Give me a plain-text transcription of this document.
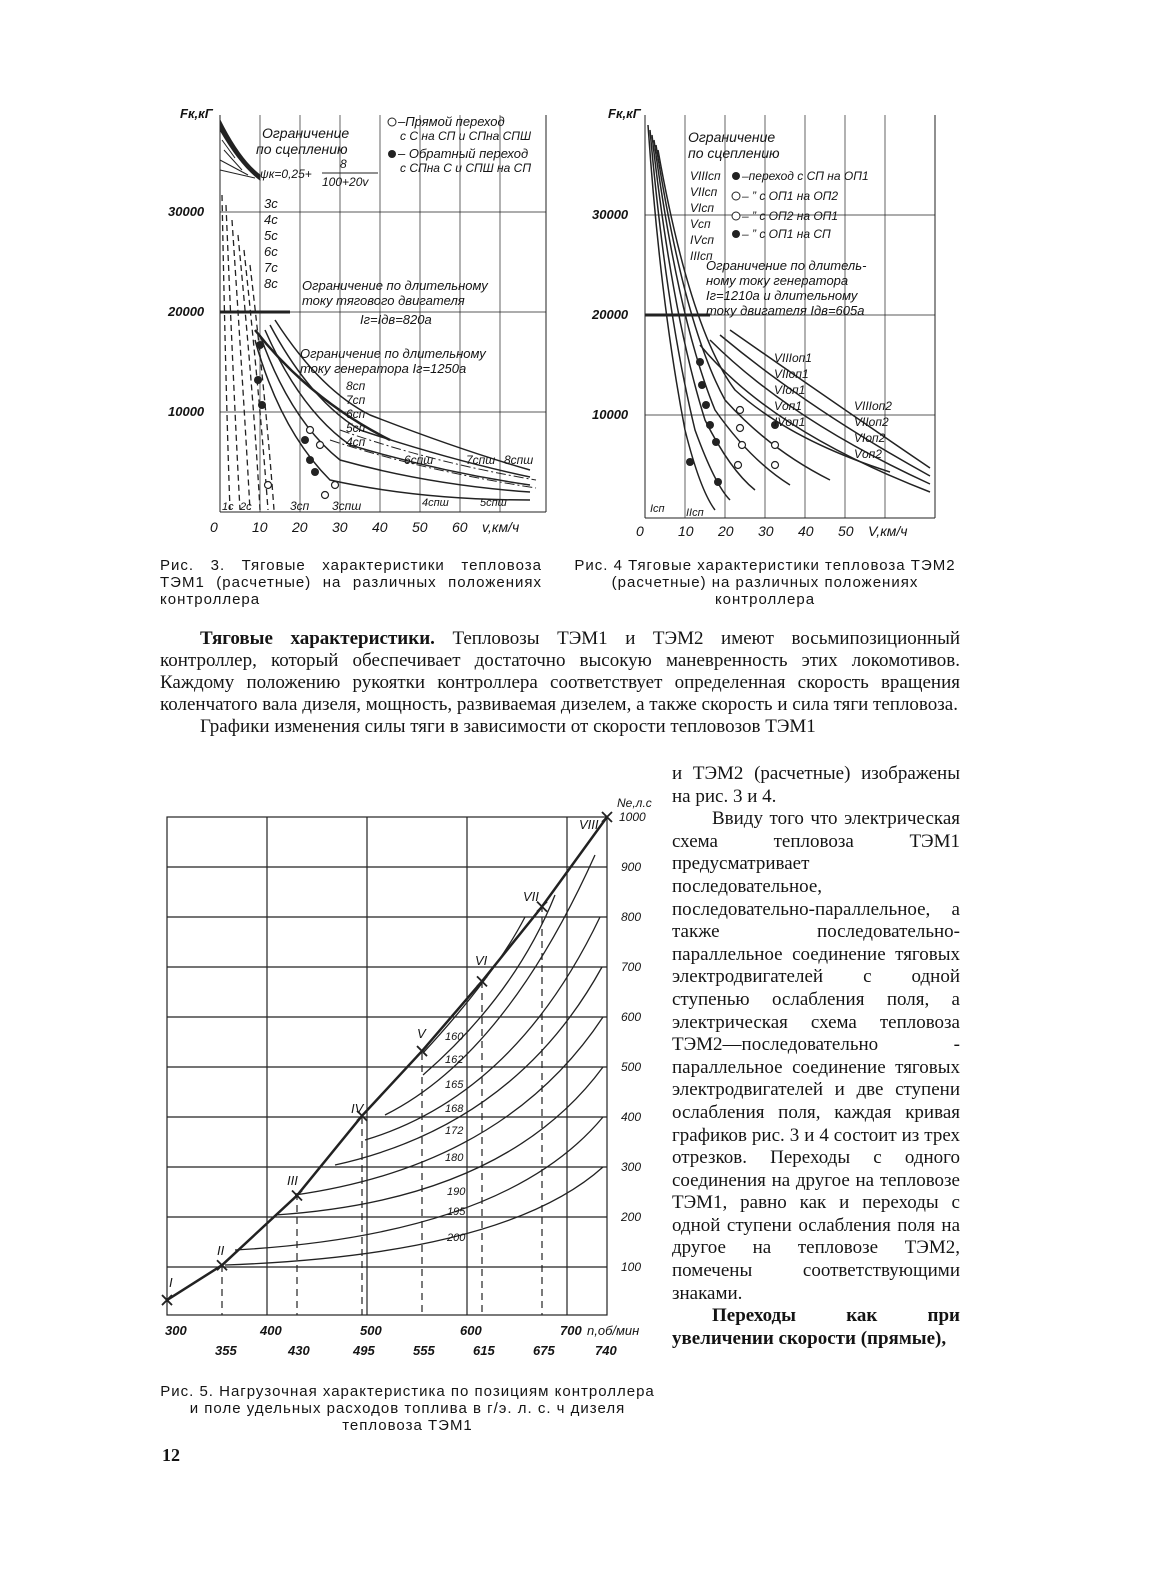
Fк,кГ
30000
20000
10000
0 10 20 30 40 50 60 v,км/ч
Ограничение
по сцеплению
ψк=0,25+
8
100+20v
–Прямой переход
с С на СП и СПна СПШ
– Обратный переход
с СПна С и СПШ на СП
3с
4с
5с
6с
7с
8с Ограничение по длительному
току тягового двигателя
Iг=Iдв=820а
Ограничение по длительному
току генератора Iг=1250а
8сп
7сп
6сп
5сп
4сп
6спш	7спш 8спш
1с 2с	3сп 3спш	4спш	5спш
Fк,кГ
30000
20000
10000
0 10 20 30 40 50 V,км/ч
Ограничение
по сцеплению
VIIIсп
VIIсп
VIсп
Vсп
IVсп
IIIсп
–переход с СП на ОП1
– ” с ОП1 на ОП2
– ” с ОП2 на ОП1
– ” с ОП1 на СП
Ограничение по длитель-
ному току генератора
Iг=1210а и длительному
току двигателя Iдв=605а
VIIIоп1
VIIоп1
VIоп1
Vоп1
IVоп1
VIIIоп2
VIIоп2
VIоп2
Vоп2
Iсп IIсп
Рис. 3. Тяговые характеристики тепловоза ТЭМ1 (расчетные) на различных положениях контроллера
Рис. 4 Тяговые характеристики тепловоза ТЭМ2 (расчетные) на различных положениях контроллера

Тяговые характеристики. Тепловозы ТЭМ1 и ТЭМ2 имеют восьмипозиционный контроллер, который обеспечивает достаточно высокую маневренность этих локомотивов. Каждому положению рукоятки контроллера соответствует определенная скорость вращения коленчатого вала дизеля, мощность, развиваемая дизелем, а также скорость и сила тяги тепловоза.

Графики изменения силы тяги в зависимости от скорости тепловозов ТЭМ1

I
II
III
IV
V
VI
VII
VIII
160
162
165
168
172
180
190
195
200
Ne,л.с
1000
900
800
700
600
500
400
300
200
100
300	400	500	600	700 n,об/мин
355	430	495	555	615	675	740
Рис. 5. Нагрузочная характеристика по позициям контроллера и поле удельных расходов топлива в г/э. л. с. ч дизеля тепловоза ТЭМ1

и ТЭМ2 (расчетные) изображены на рис. 3 и 4.

Ввиду того что электрическая схема тепловоза ТЭМ1 предусматривает последовательное, последовательно-параллельное, а также последовательно-параллельное соединение тяговых электродвигателей с одной ступенью ослабления поля, а электрическая схема тепловоза ТЭМ2—последовательно - параллельное соединение тяговых электродвигателей и две ступени ослабления поля, каждая кривая графиков рис. 3 и 4 состоит из трех отрезков. Переходы с одного соединения на другое на тепловозе ТЭМ1, равно как и переходы с одной ступени ослабления поля на другое на тепловозе ТЭМ2, помечены соответствующими знаками.

Переходы как при увеличении скорости (прямые),

12
